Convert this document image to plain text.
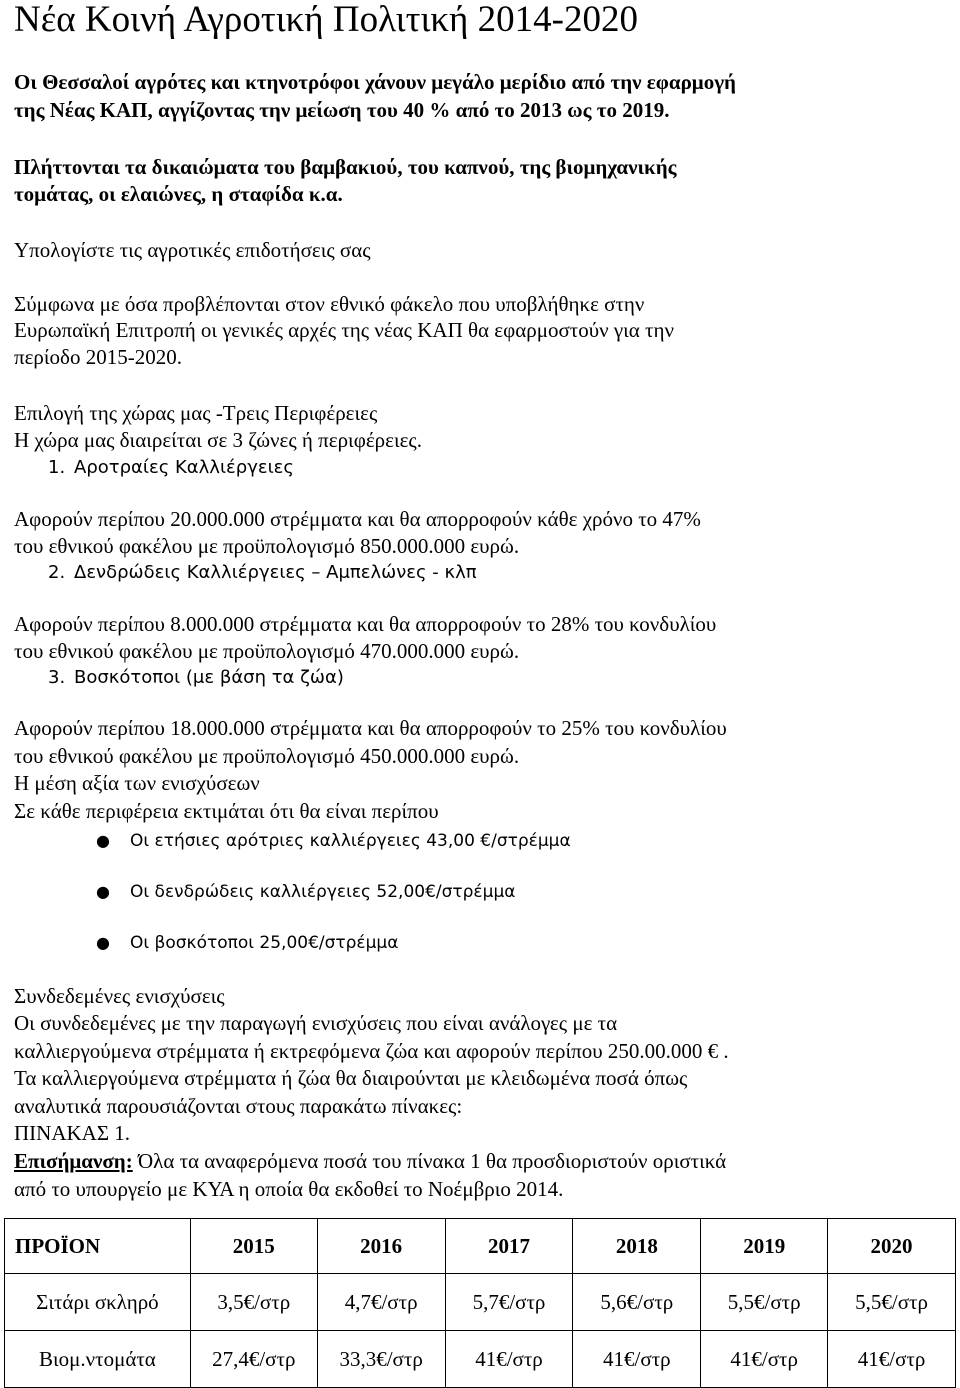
Νέα Κοινή Αγροτική Πολιτική 2014-2020
Οι Θεσσαλοί αγρότες και κτηνοτρόφοι χάνουν μεγάλο μερίδιο από την εφαρμογή
της Νέας ΚΑΠ, αγγίζοντας την μείωση του 40 % από το 2013 ως το 2019.
Πλήττονται τα δικαιώματα του βαμβακιού, του καπνού, της βιομηχανικής
τομάτας, οι ελαιώνες, η σταφίδα κ.α.
Υπολογίστε τις αγροτικές επιδοτήσεις σας
Σύμφωνα με όσα προβλέπονται στον εθνικό φάκελο που υποβλήθηκε στην
Ευρωπαϊκή Επιτροπή οι γενικές αρχές της νέας ΚΑΠ θα εφαρμοστούν για την
περίοδο 2015-2020.
Επιλογή της χώρας μας -Τρεις Περιφέρειες
Η χώρα μας διαιρείται σε 3 ζώνες ή περιφέρειες.
1. Αροτραίες Καλλιέργειες
Αφορούν περίπου 20.000.000 στρέμματα και θα απορροφούν κάθε χρόνο το 47%
του εθνικού φακέλου με προϋπολογισμό 850.000.000 ευρώ.
2. Δενδρώδεις Καλλιέργειες – Αμπελώνες - κλπ
Αφορούν περίπου 8.000.000 στρέμματα και θα απορροφούν το 28% του κονδυλίου
του εθνικού φακέλου με προϋπολογισμό 470.000.000 ευρώ.
3. Βοσκότοποι (με βάση τα ζώα)
Αφορούν περίπου 18.000.000 στρέμματα και θα απορροφούν το 25% του κονδυλίου
του εθνικού φακέλου με προϋπολογισμό 450.000.000 ευρώ.
Η μέση αξία των ενισχύσεων
Σε κάθε περιφέρεια εκτιμάται ότι θα είναι περίπου
● Οι ετήσιες αρότριες καλλιέργειες 43,00 €/στρέμμα
● Οι δενδρώδεις καλλιέργειες 52,00€/στρέμμα
● Οι βοσκότοποι 25,00€/στρέμμα
Συνδεδεμένες ενισχύσεις
Οι συνδεδεμένες με την παραγωγή ενισχύσεις που είναι ανάλογες με τα
καλλιεργούμενα στρέμματα ή εκτρεφόμενα ζώα και αφορούν περίπου 250.00.000 € .
Τα καλλιεργούμενα στρέμματα ή ζώα θα διαιρούνται με κλειδωμένα ποσά όπως
αναλυτικά παρουσιάζονται στους παρακάτω πίνακες:
ΠΙΝΑΚΑΣ 1.
Επισήμανση: Όλα τα αναφερόμενα ποσά του πίνακα 1 θα προσδιοριστούν οριστικά
από το υπουργείο με ΚΥΑ η οποία θα εκδοθεί το Νοέμβριο 2014.
ΠΡΟΪΟΝ	2015	2016	2017	2018	2019	2020
Σιτάρι σκληρό	3,5€/στρ	4,7€/στρ	5,7€/στρ	5,6€/στρ	5,5€/στρ	5,5€/στρ
Βιομ.ντομάτα	27,4€/στρ	33,3€/στρ	41€/στρ	41€/στρ	41€/στρ	41€/στρ
